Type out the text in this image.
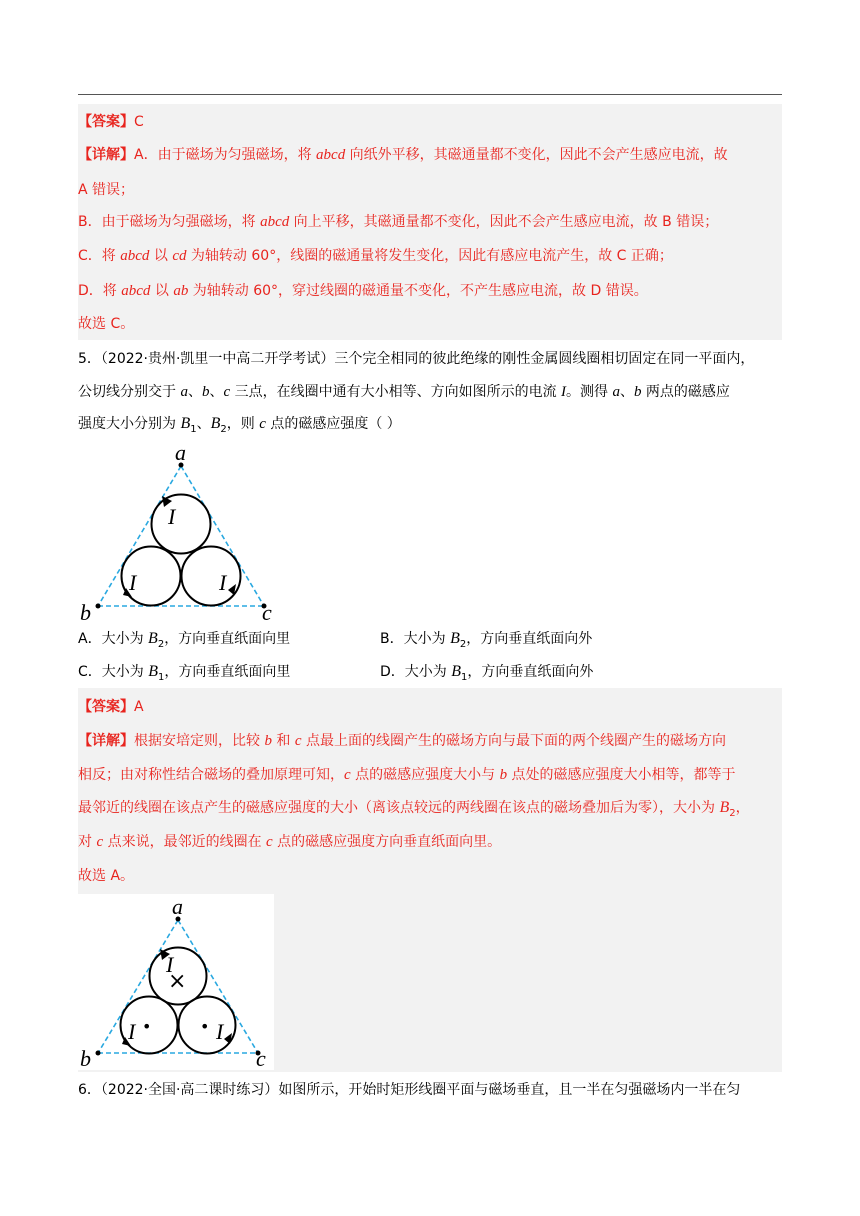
【答案】C
【详解】A．由于磁场为匀强磁场，将 abcd 向纸外平移，其磁通量都不变化，因此不会产生感应电流，故
A 错误；
B．由于磁场为匀强磁场，将 abcd 向上平移，其磁通量都不变化，因此不会产生感应电流，故 B 错误；
C．将 abcd 以 cd 为轴转动 60°，线圈的磁通量将发生变化，因此有感应电流产生，故 C 正确；
D．将 abcd 以 ab 为轴转动 60°，穿过线圈的磁通量不变化，不产生感应电流，故 D 错误。
故选 C。
5．（2022·贵州·凯里一中高二开学考试）三个完全相同的彼此绝缘的刚性金属圆线圈相切固定在同一平面内，
公切线分别交于 a、b、c 三点，在线圈中通有大小相等、方向如图所示的电流 I。测得 a、b 两点的磁感应
强度大小分别为 $B_1$、$B_2$，则 c 点的磁感应强度（ ）
a
b	c
I
I	I
A．大小为 $B_2$，方向垂直纸面向里	B．大小为 $B_2$，方向垂直纸面向外
C．大小为 $B_1$，方向垂直纸面向里	D．大小为 $B_1$，方向垂直纸面向外
【答案】A
【详解】根据安培定则，比较 b 和 c 点最上面的线圈产生的磁场方向与最下面的两个线圈产生的磁场方向
相反；由对称性结合磁场的叠加原理可知，c 点的磁感应强度大小与 b 点处的磁感应强度大小相等，都等于
最邻近的线圈在该点产生的磁感应强度的大小（离该点较远的两线圈在该点的磁场叠加后为零），大小为 $B_2$，
对 c 点来说，最邻近的线圈在 c 点的磁感应强度方向垂直纸面向里。
故选 A。
a
b	c
I
×
I •	• I
6．（2022·全国·高二课时练习）如图所示，开始时矩形线圈平面与磁场垂直，且一半在匀强磁场内一半在匀
